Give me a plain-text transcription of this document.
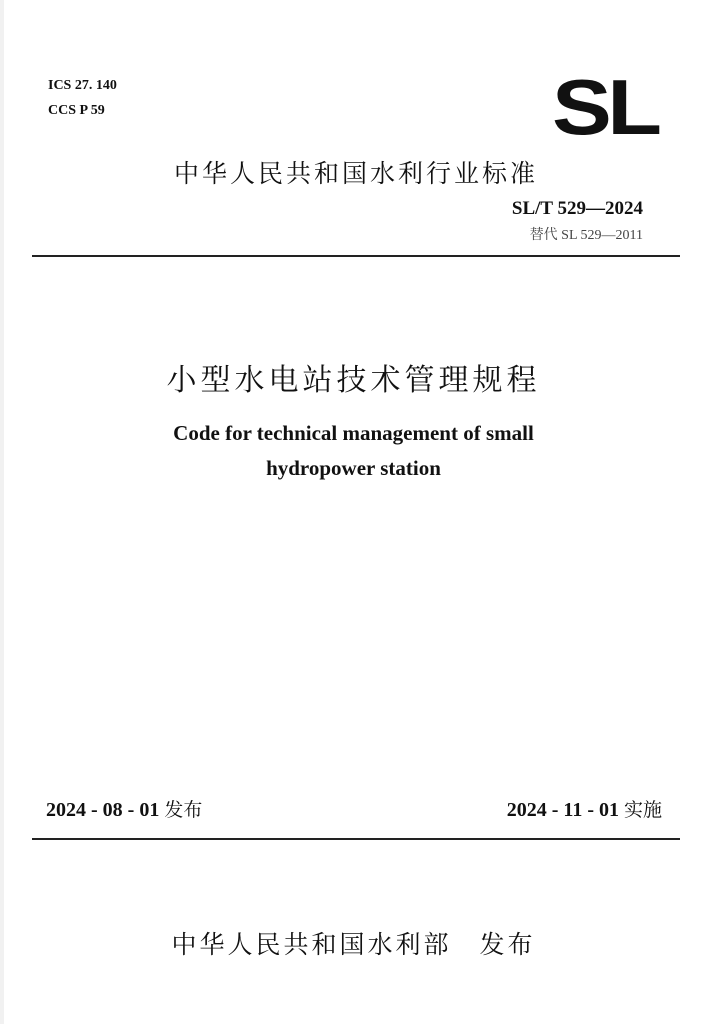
ICS 27. 140
CCS P 59	SL
中华人民共和国水利行业标准
SL/T 529—2024
替代 SL 529—2011
小型水电站技术管理规程
Code for technical management of small
hydropower station
2024 - 08 - 01 发布	2024 - 11 - 01 实施
中华人民共和国水利部 发布
